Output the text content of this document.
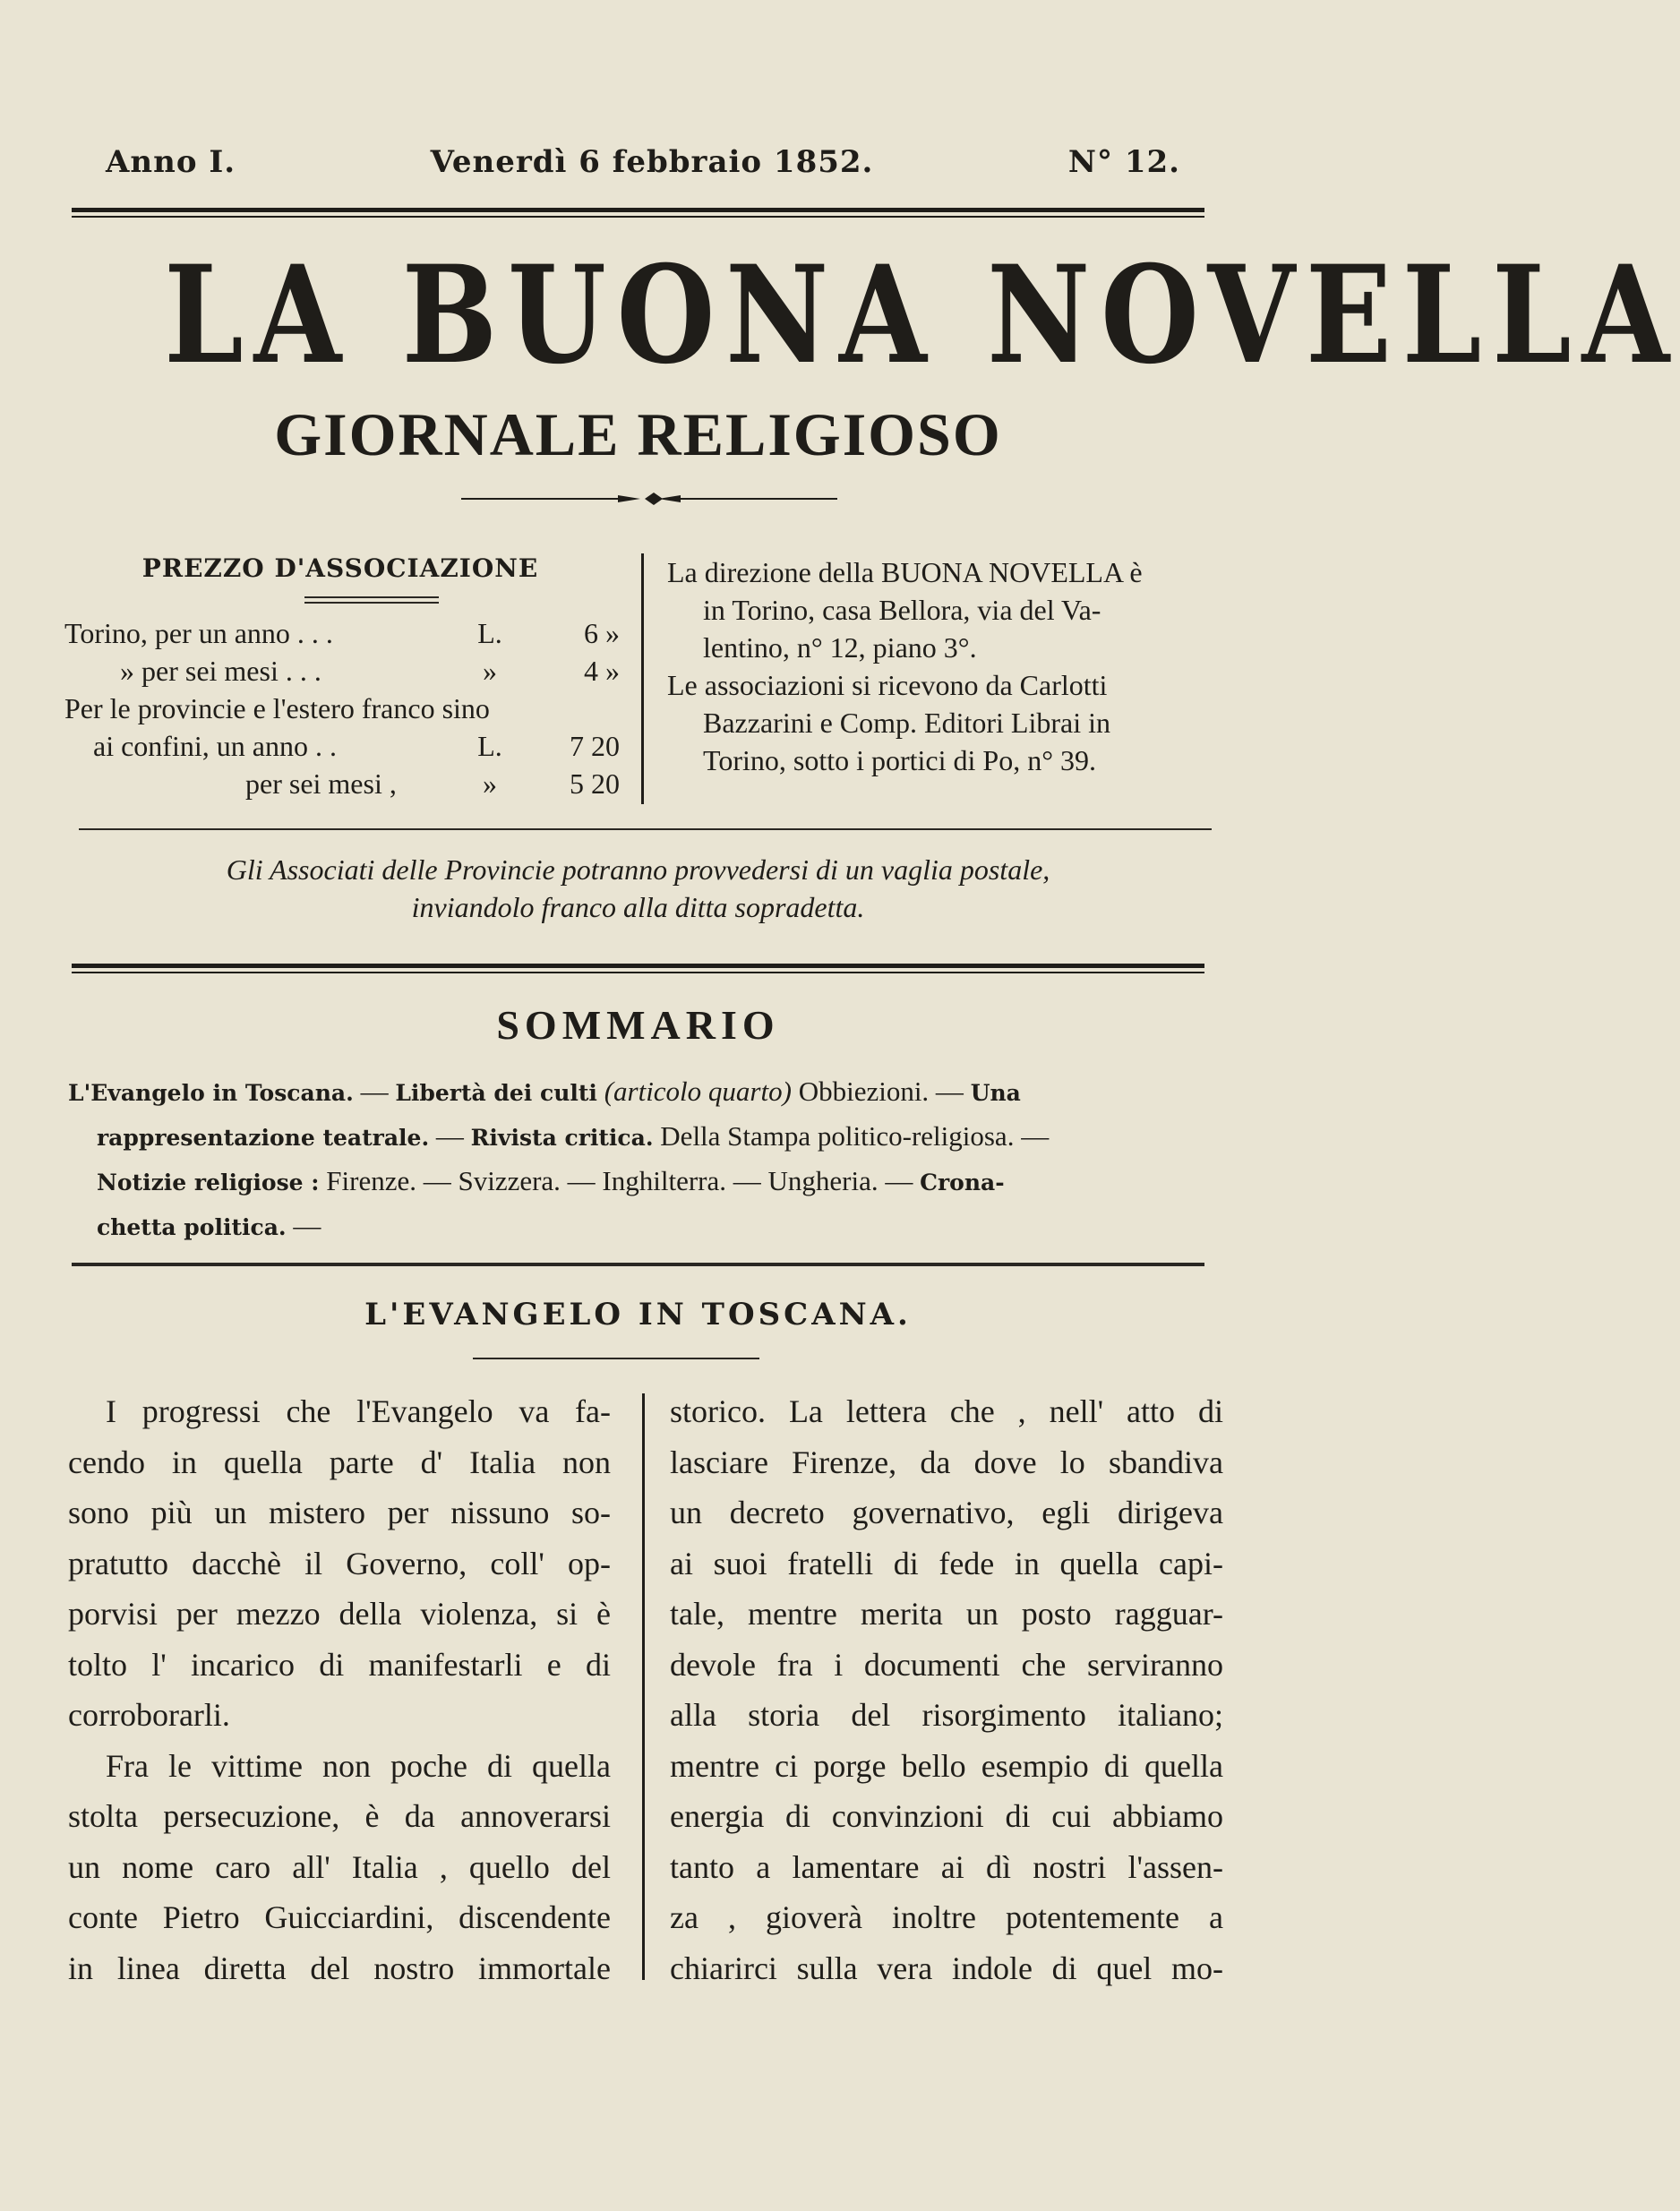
Anno I.	Venerdì 6 febbraio 1852.	N° 12.
LA BUONA NOVELLA
GIORNALE RELIGIOSO
PREZZO D'ASSOCIAZIONE
Torino, per un anno . . .	L.	6 »
» per sei mesi . . .	»	4 »
Per le provincie e l'estero franco sino
ai confini, un anno . .	L.	7 20
per sei mesi ,	»	5 20

La direzione della BUONA NOVELLA è

in Torino, casa Bellora, via del Va-

lentino, n° 12, piano 3°.

Le associazioni si ricevono da Carlotti

Bazzarini e Comp. Editori Librai in

Torino, sotto i portici di Po, n° 39.

Gli Associati delle Provincie potranno provvedersi di un vaglia postale,
inviandolo franco alla ditta sopradetta.
SOMMARIO
L'Evangelo in Toscana. — Libertà dei culti (articolo quarto) Obbiezioni. — Una
rappresentazione teatrale. — Rivista critica. Della Stampa politico-religiosa. —
Notizie religiose : Firenze. — Svizzera. — Inghilterra. — Ungheria. — Crona-
chetta politica. —
L'EVANGELO IN TOSCANA.
I progressi che l'Evangelo va fa-
cendo in quella parte d' Italia non
sono più un mistero per nissuno so-
pratutto dacchè il Governo, coll' op-
porvisi per mezzo della violenza, si è
tolto l' incarico di manifestarli e di
corroborarli.
Fra le vittime non poche di quella
stolta persecuzione, è da annoverarsi
un nome caro all' Italia , quello del
conte Pietro Guicciardini, discendente
in linea diretta del nostro immortale
storico. La lettera che , nell' atto di
lasciare Firenze, da dove lo sbandiva
un decreto governativo, egli dirigeva
ai suoi fratelli di fede in quella capi-
tale, mentre merita un posto ragguar-
devole fra i documenti che serviranno
alla storia del risorgimento italiano;
mentre ci porge bello esempio di quella
energia di convinzioni di cui abbiamo
tanto a lamentare ai dì nostri l'assen-
za , gioverà inoltre potentemente a
chiarirci sulla vera indole di quel mo-
